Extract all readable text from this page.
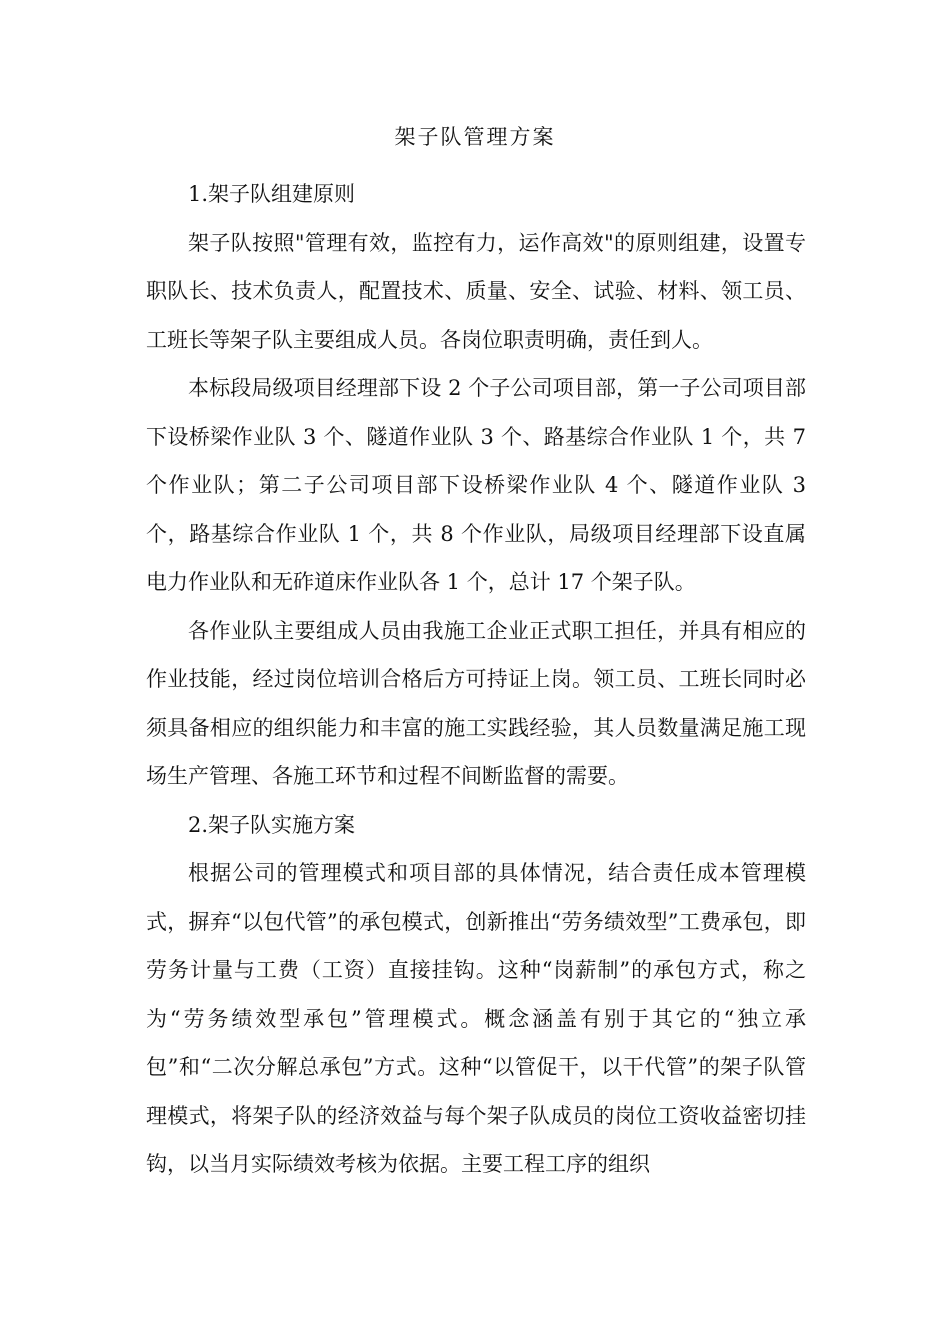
架子队管理方案

1.架子队组建原则

架子队按照"管理有效，监控有力，运作高效"的原则组建，设置专职队长、技术负责人，配置技术、质量、安全、试验、材料、领工员、工班长等架子队主要组成人员。各岗位职责明确，责任到人。

本标段局级项目经理部下设 2 个子公司项目部，第一子公司项目部下设桥梁作业队 3 个、隧道作业队 3 个、路基综合作业队 1 个，共 7 个作业队；第二子公司项目部下设桥梁作业队 4 个、隧道作业队 3 个，路基综合作业队 1 个，共 8 个作业队，局级项目经理部下设直属电力作业队和无砟道床作业队各 1 个，总计 17 个架子队。

各作业队主要组成人员由我施工企业正式职工担任，并具有相应的作业技能，经过岗位培训合格后方可持证上岗。领工员、工班长同时必须具备相应的组织能力和丰富的施工实践经验，其人员数量满足施工现场生产管理、各施工环节和过程不间断监督的需要。

2.架子队实施方案

根据公司的管理模式和项目部的具体情况，结合责任成本管理模式，摒弃“以包代管”的承包模式，创新推出“劳务绩效型”工费承包，即劳务计量与工费（工资）直接挂钩。这种“岗薪制”的承包方式，称之为“劳务绩效型承包”管理模式。概念涵盖有别于其它的“独立承包”和“二次分解总承包”方式。这种“以管促干，以干代管”的架子队管理模式，将架子队的经济效益与每个架子队成员的岗位工资收益密切挂钩，以当月实际绩效考核为依据。主要工程工序的组织
